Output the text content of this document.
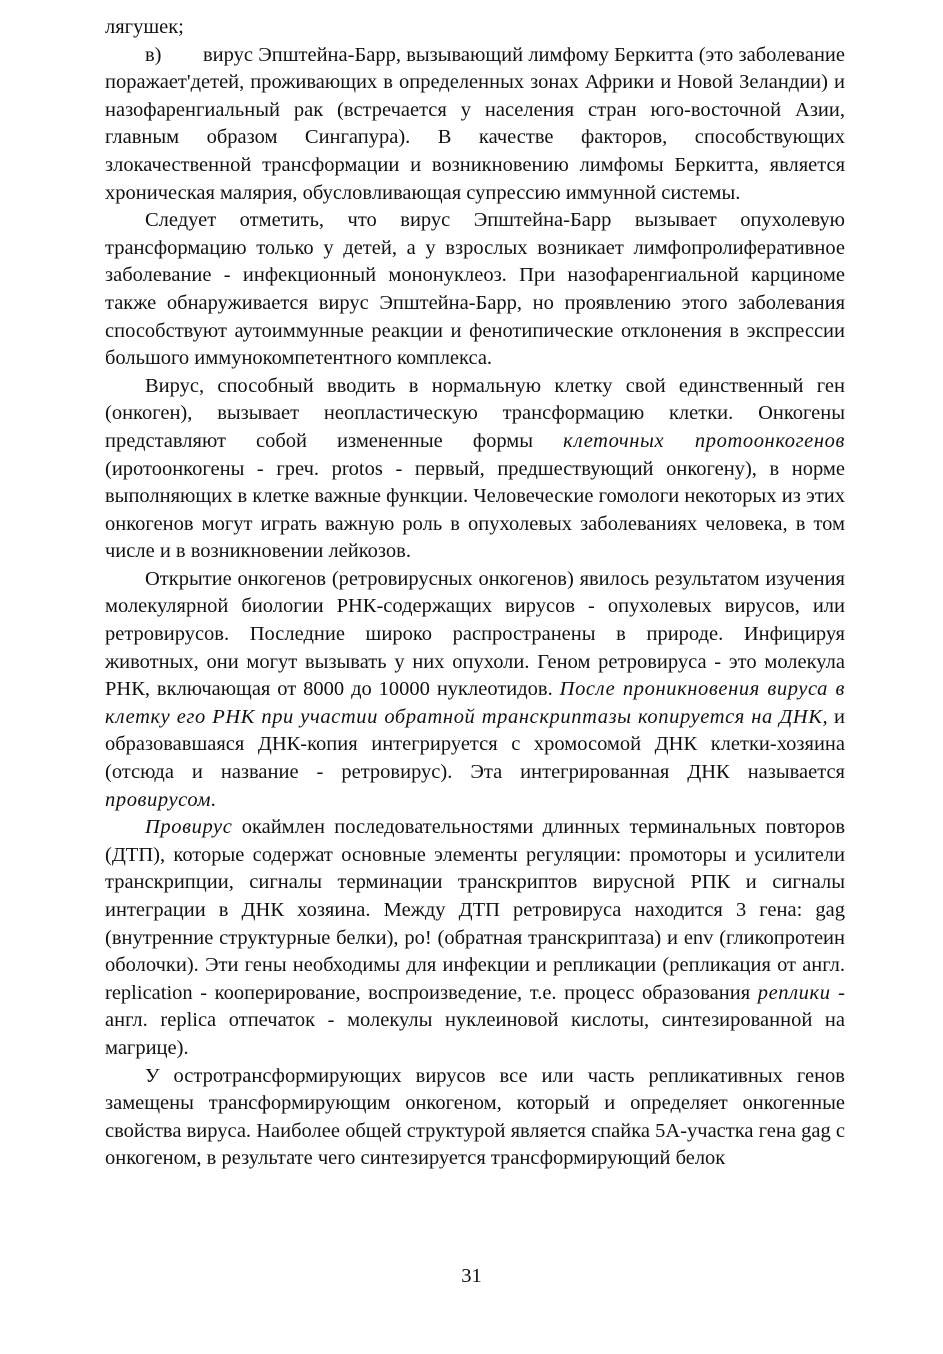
лягушек;

в) вирус Эпштейна-Барр, вызывающий лимфому Беркитта (это заболевание поражает'детей, проживающих в определенных зонах Африки и Новой Зеландии) и назофаренгиальный рак (встречается у населения стран юго-восточной Азии, главным образом Сингапура). В качестве факторов, способствующих злокачественной трансформации и возникновению лимфомы Беркитта, является хроническая малярия, обусловливающая супрессию иммунной системы.

Следует отметить, что вирус Эпштейна-Барр вызывает опухолевую трансформацию только у детей, а у взрослых возникает лимфопролиферативное заболевание - инфекционный мононуклеоз. При назофаренгиальной карциноме также обнаруживается вирус Эпштейна-Барр, но проявлению этого заболевания способствуют аутоиммунные реакции и фенотипические отклонения в экспрессии большого иммунокомпетентного комплекса.

Вирус, способный вводить в нормальную клетку свой единственный ген (онкоген), вызывает неопластическую трансформацию клетки. Онкогены представляют собой измененные формы клеточных протоонкогенов (иротоонкогены - греч. protos - первый, предшествующий онкогену), в норме выполняющих в клетке важные функции. Человеческие гомологи некоторых из этих онкогенов могут играть важную роль в опухолевых заболеваниях человека, в том числе и в возникновении лейкозов.

Открытие онкогенов (ретровирусных онкогенов) явилось результатом изучения молекулярной биологии РНК-содержащих вирусов - опухолевых вирусов, или ретровирусов. Последние широко распространены в природе. Инфицируя животных, они могут вызывать у них опухоли. Геном ретровируса - это молекула РНК, включающая от 8000 до 10000 нуклеотидов. После проникновения вируса в клетку его РНК при участии обратной транскриптазы копируется на ДНК, и образовавшаяся ДНК-копия интегрируется с хромосомой ДНК клетки-хозяина (отсюда и название - ретровирус). Эта интегрированная ДНК называется провирусом.

Провирус окаймлен последовательностями длинных терминальных повторов (ДТП), которые содержат основные элементы регуляции: промоторы и усилители транскрипции, сигналы терминации транскриптов вирусной РПК и сигналы интеграции в ДНК хозяина. Между ДТП ретровируса находится 3 гена: gag (внутренние структурные белки), po! (обратная транскриптаза) и env (гликопротеин оболочки). Эти гены необходимы для инфекции и репликации (репликация от англ. replication - кооперирование, воспроизведение, т.е. процесс образования реплики - англ. replica отпечаток - молекулы нуклеиновой кислоты, синтезированной на магрице).

У остротрансформирующих вирусов все или часть репликативных генов замещены трансформирующим онкогеном, который и определяет онкогенные свойства вируса. Наиболее общей структурой является спайка 5А-участка гена gag с онкогеном, в результате чего синтезируется трансформирующий белок

31
